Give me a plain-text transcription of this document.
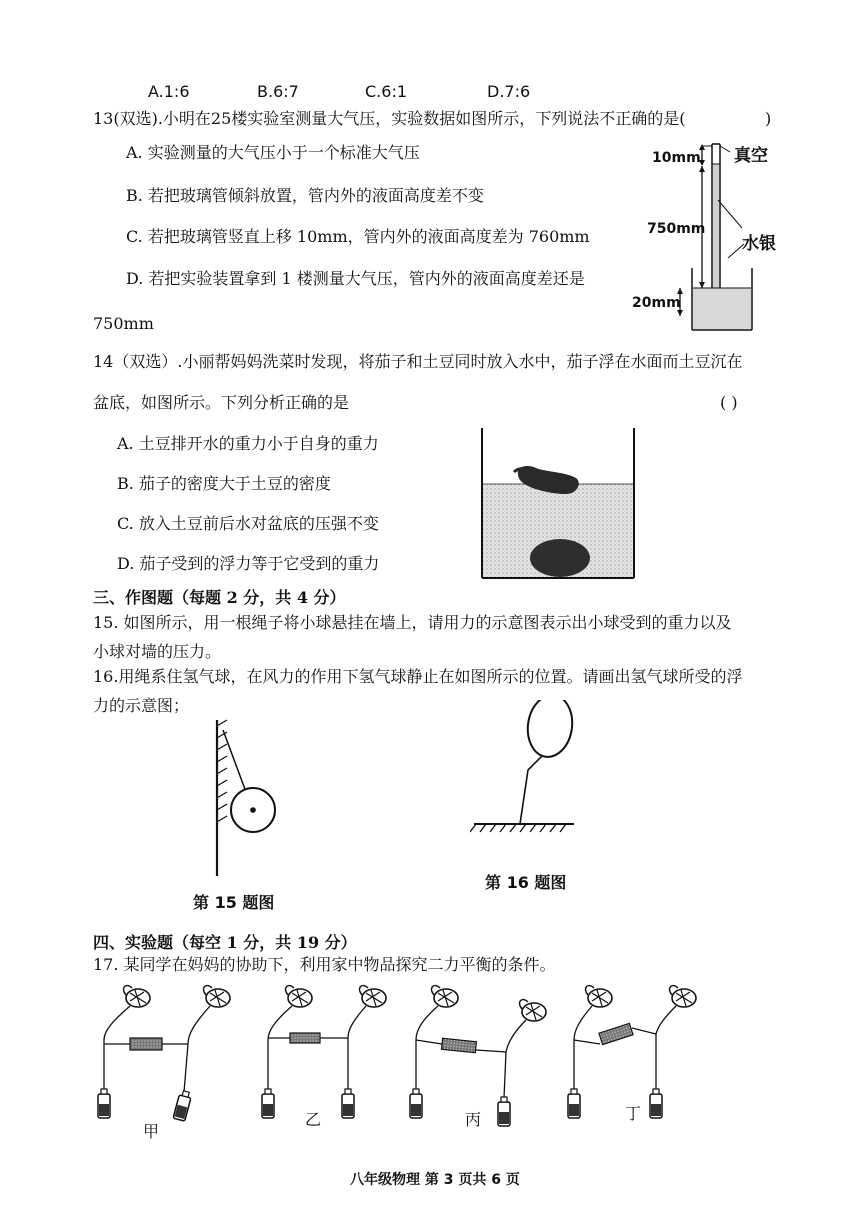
A.1:6	B.6:7	C.6:1	D.7:6
13(双选).小明在25楼实验室测量大气压，实验数据如图所示，下列说法不正确的是(	)
A. 实验测量的大气压小于一个标准大气压
B. 若把玻璃管倾斜放置，管内外的液面高度差不变
C. 若把玻璃管竖直上移 10mm，管内外的液面高度差为 760mm
D. 若把实验装置拿到 1 楼测量大气压，管内外的液面高度差还是
750mm
10mm 真空
750mm
水银
20mm
14（双选）.小丽帮妈妈洗菜时发现，将茄子和土豆同时放入水中，茄子浮在水面而土豆沉在
盆底，如图所示。下列分析正确的是	( )
A. 土豆排开水的重力小于自身的重力
B. 茄子的密度大于土豆的密度
C. 放入土豆前后水对盆底的压强不变
D. 茄子受到的浮力等于它受到的重力
三、作图题（每题 2 分，共 4 分）
15. 如图所示，用一根绳子将小球悬挂在墙上，请用力的示意图表示出小球受到的重力以及
小球对墙的压力。
16.用绳系住氢气球，在风力的作用下氢气球静止在如图所示的位置。请画出氢气球所受的浮
力的示意图；
第 15 题图
第 16 题图
四、实验题（每空 1 分，共 19 分）
17. 某同学在妈妈的协助下，利用家中物品探究二力平衡的条件。
甲
乙	丙	丁
八年级物理 第 3 页共 6 页
